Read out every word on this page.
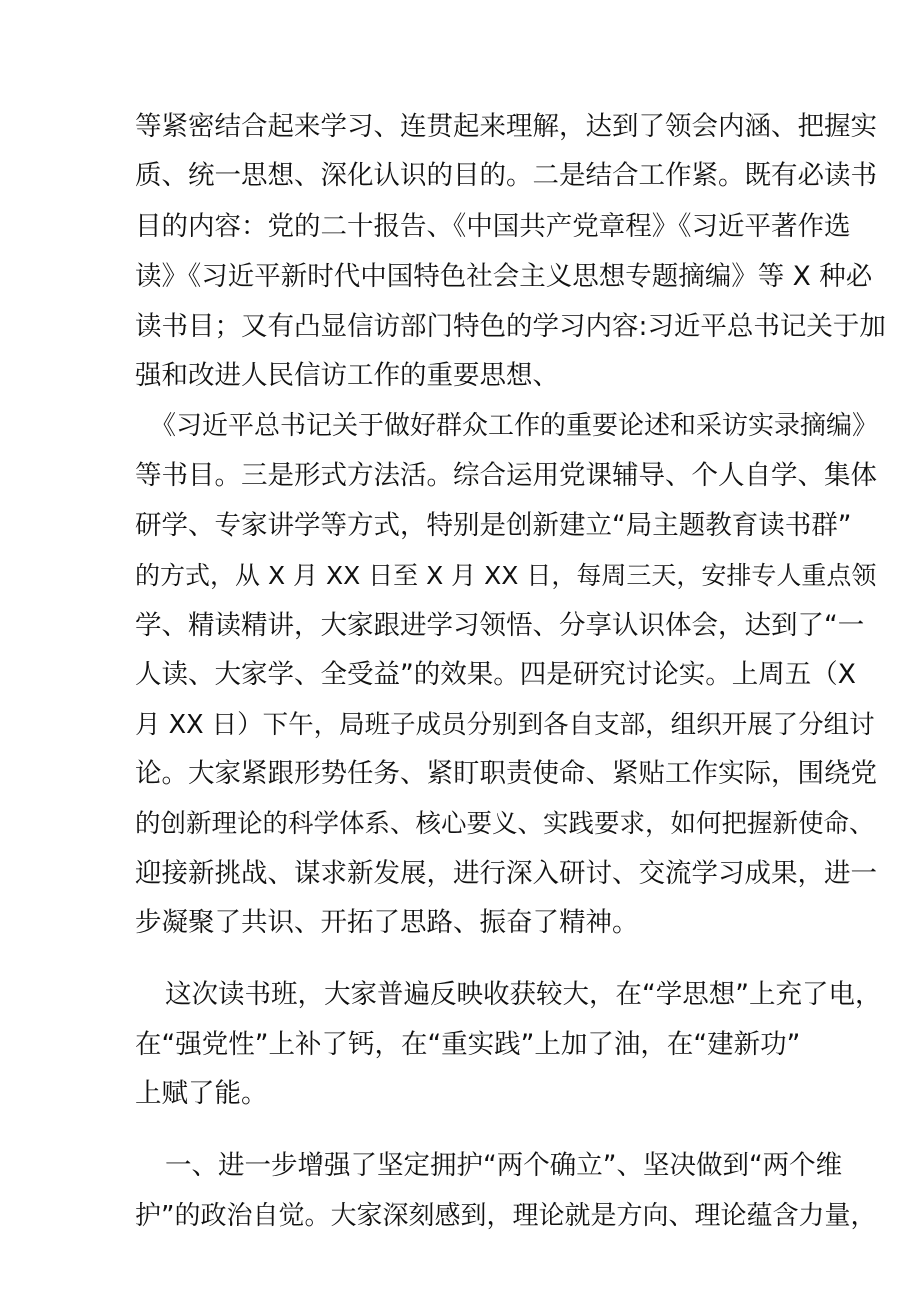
等紧密结合起来学习、连贯起来理解，达到了领会内涵、把握实
质、统一思想、深化认识的目的。二是结合工作紧。既有必读书
目的内容：党的二十报告、《中国共产党章程》《习近平著作选
读》《习近平新时代中国特色社会主义思想专题摘编》等 X 种必
读书目；又有凸显信访部门特色的学习内容:习近平总书记关于加
强和改进人民信访工作的重要思想、
《习近平总书记关于做好群众工作的重要论述和采访实录摘编》
等书目。三是形式方法活。综合运用党课辅导、个人自学、集体
研学、专家讲学等方式，特别是创新建立“局主题教育读书群”
的方式，从 X 月 XX 日至 X 月 XX 日，每周三天，安排专人重点领
学、精读精讲，大家跟进学习领悟、分享认识体会，达到了“一
人读、大家学、全受益”的效果。四是研究讨论实。上周五（X
月 XX 日）下午，局班子成员分别到各自支部，组织开展了分组讨
论。大家紧跟形势任务、紧盯职责使命、紧贴工作实际，围绕党
的创新理论的科学体系、核心要义、实践要求，如何把握新使命、
迎接新挑战、谋求新发展，进行深入研讨、交流学习成果，进一
步凝聚了共识、开拓了思路、振奋了精神。
这次读书班，大家普遍反映收获较大，在“学思想”上充了电，
在“强党性”上补了钙，在“重实践”上加了油，在“建新功”
上赋了能。
一、进一步增强了坚定拥护“两个确立”、坚决做到“两个维
护”的政治自觉。大家深刻感到，理论就是方向、理论蕴含力量，
